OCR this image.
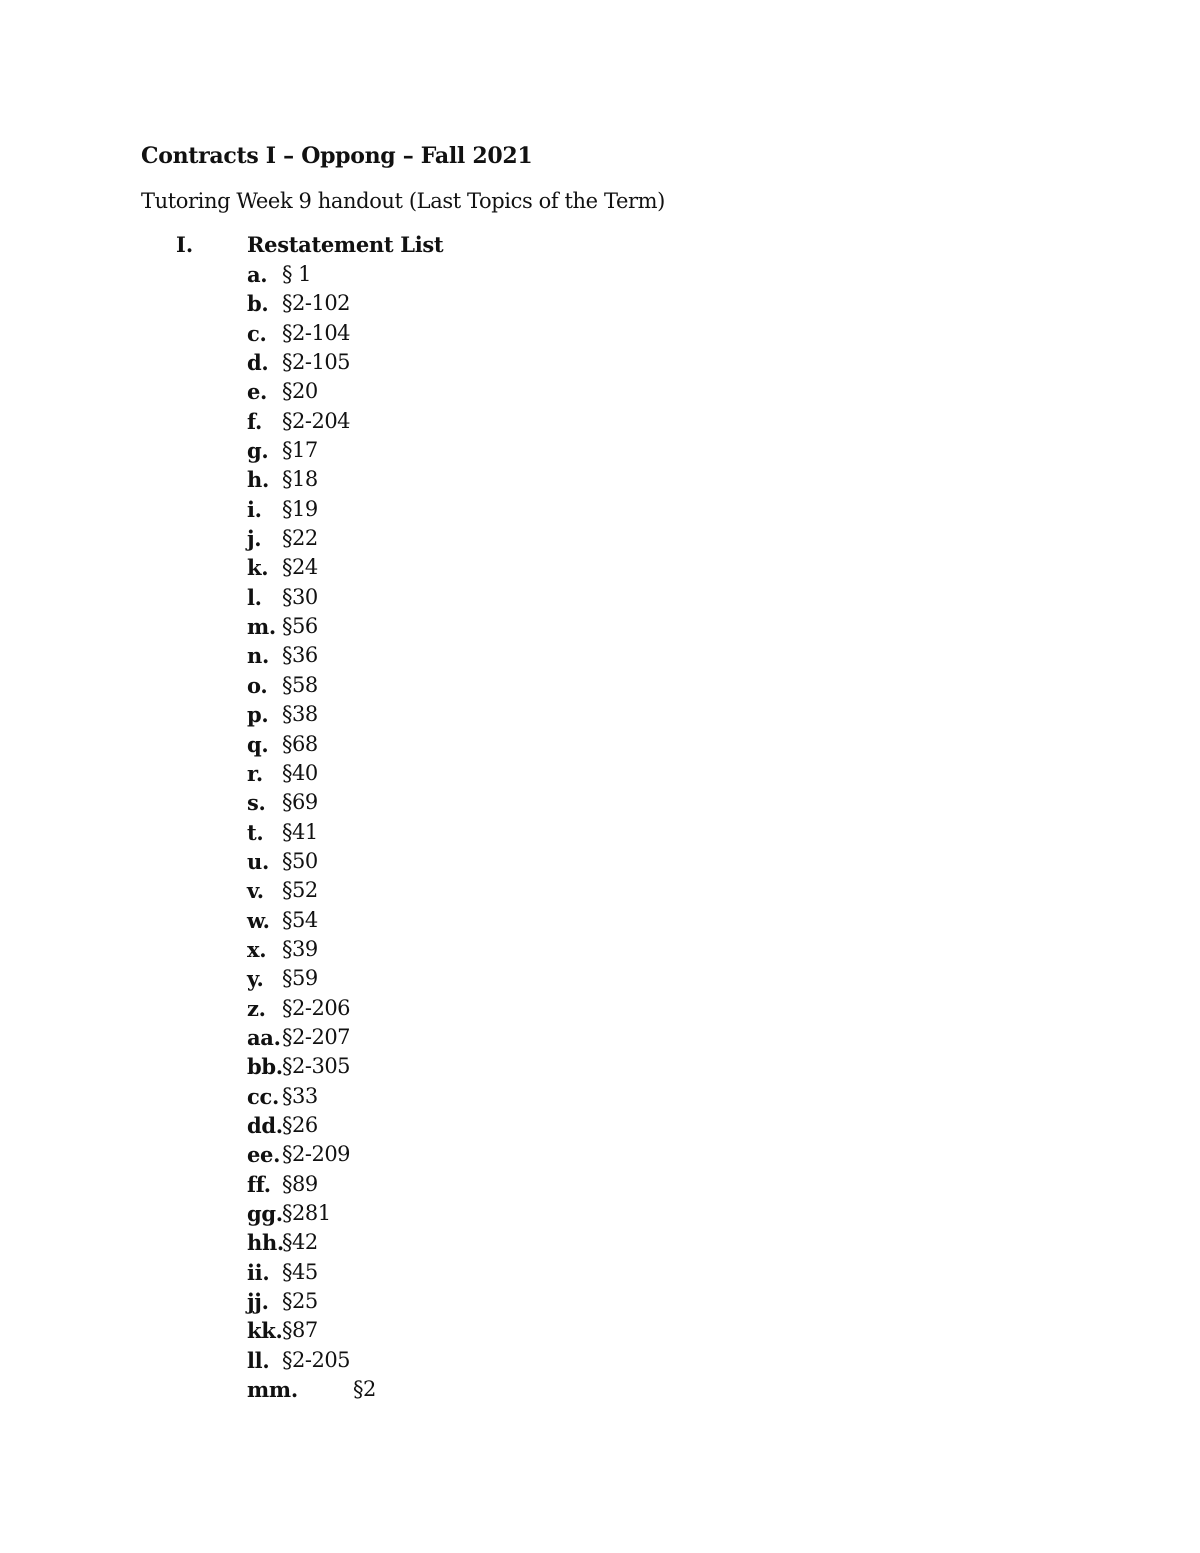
Contracts I – Oppong – Fall 2021
Tutoring Week 9 handout (Last Topics of the Term)
I.	Restatement List
a. § 1
b. §2-102
c. §2-104
d. §2-105
e. §20
f. §2-204
g. §17
h. §18
i. §19
j. §22
k. §24
l. §30
m. §56
n. §36
o. §58
p. §38
q. §68
r. §40
s. §69
t. §41
u. §50
v. §52
w. §54
x. §39
y. §59
z. §2-206
aa. §2-207
bb. §2-305
cc. §33
dd. §26
ee. §2-209
ff. §89
gg. §281
hh.
§42
ii. §45
jj. §25
kk. §87
ll. §2-205
mm.	§2
